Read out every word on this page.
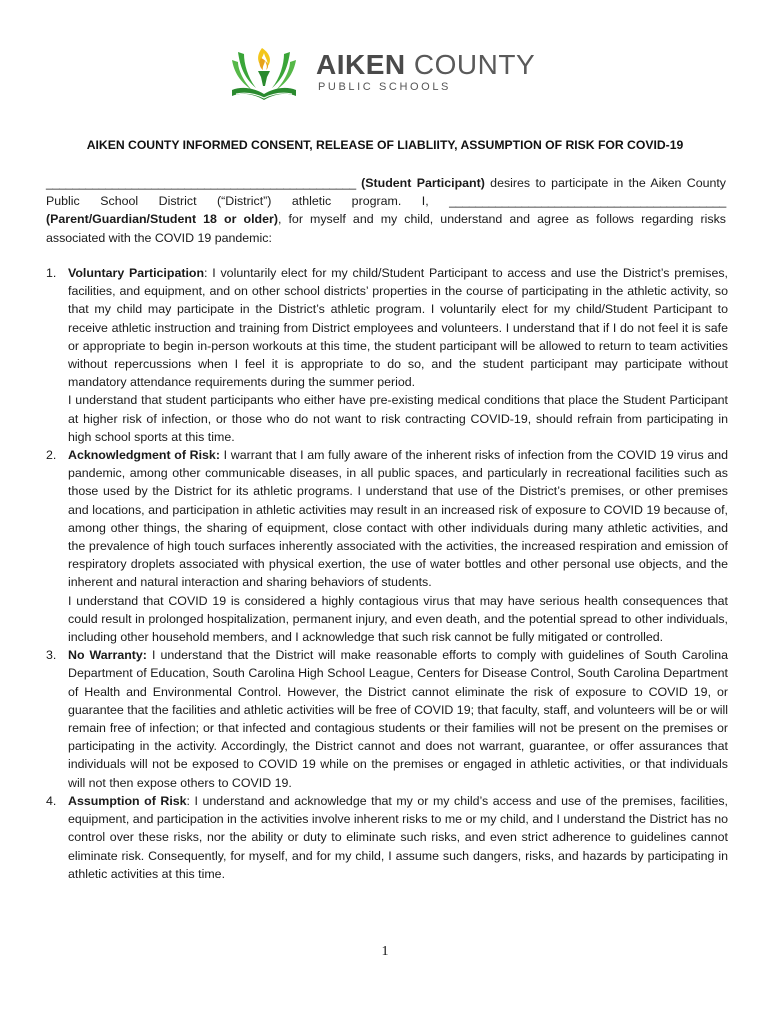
AIKEN COUNTY
PUBLIC SCHOOLS
AIKEN COUNTY INFORMED CONSENT, RELEASE OF LIABLIITY, ASSUMPTION OF RISK FOR COVID-19
_______________________________________________ (Student Participant) desires to participate in the Aiken County Public School District (“District”) athletic program. I, __________________________________________ (Parent/Guardian/Student 18 or older), for myself and my child, understand and agree as follows regarding risks associated with the COVID 19 pandemic:
1. Voluntary Participation: I voluntarily elect for my child/Student Participant to access and use the District’s premises, facilities, and equipment, and on other school districts’ properties in the course of participating in the athletic activity, so that my child may participate in the District’s athletic program. I voluntarily elect for my child/Student Participant to receive athletic instruction and training from District employees and volunteers. I understand that if I do not feel it is safe or appropriate to begin in-person workouts at this time, the student participant will be allowed to return to team activities without repercussions when I feel it is appropriate to do so, and the student participant may participate without mandatory attendance requirements during the summer period.
I understand that student participants who either have pre-existing medical conditions that place the Student Participant at higher risk of infection, or those who do not want to risk contracting COVID-19, should refrain from participating in high school sports at this time.
2. Acknowledgment of Risk: I warrant that I am fully aware of the inherent risks of infection from the COVID 19 virus and pandemic, among other communicable diseases, in all public spaces, and particularly in recreational facilities such as those used by the District for its athletic programs. I understand that use of the District’s premises, or other premises and locations, and participation in athletic activities may result in an increased risk of exposure to COVID 19 because of, among other things, the sharing of equipment, close contact with other individuals during many athletic activities, and the prevalence of high touch surfaces inherently associated with the activities, the increased respiration and emission of respiratory droplets associated with physical exertion, the use of water bottles and other personal use objects, and the inherent and natural interaction and sharing behaviors of students.
I understand that COVID 19 is considered a highly contagious virus that may have serious health consequences that could result in prolonged hospitalization, permanent injury, and even death, and the potential spread to other individuals, including other household members, and I acknowledge that such risk cannot be fully mitigated or controlled.
3. No Warranty: I understand that the District will make reasonable efforts to comply with guidelines of South Carolina Department of Education, South Carolina High School League, Centers for Disease Control, South Carolina Department of Health and Environmental Control. However, the District cannot eliminate the risk of exposure to COVID 19, or guarantee that the facilities and athletic activities will be free of COVID 19; that faculty, staff, and volunteers will be or will remain free of infection; or that infected and contagious students or their families will not be present on the premises or participating in the activity. Accordingly, the District cannot and does not warrant, guarantee, or offer assurances that individuals will not be exposed to COVID 19 while on the premises or engaged in athletic activities, or that individuals will not then expose others to COVID 19.
4. Assumption of Risk: I understand and acknowledge that my or my child’s access and use of the premises, facilities, equipment, and participation in the activities involve inherent risks to me or my child, and I understand the District has no control over these risks, nor the ability or duty to eliminate such risks, and even strict adherence to guidelines cannot eliminate risk. Consequently, for myself, and for my child, I assume such dangers, risks, and hazards by participating in athletic activities at this time.
1
